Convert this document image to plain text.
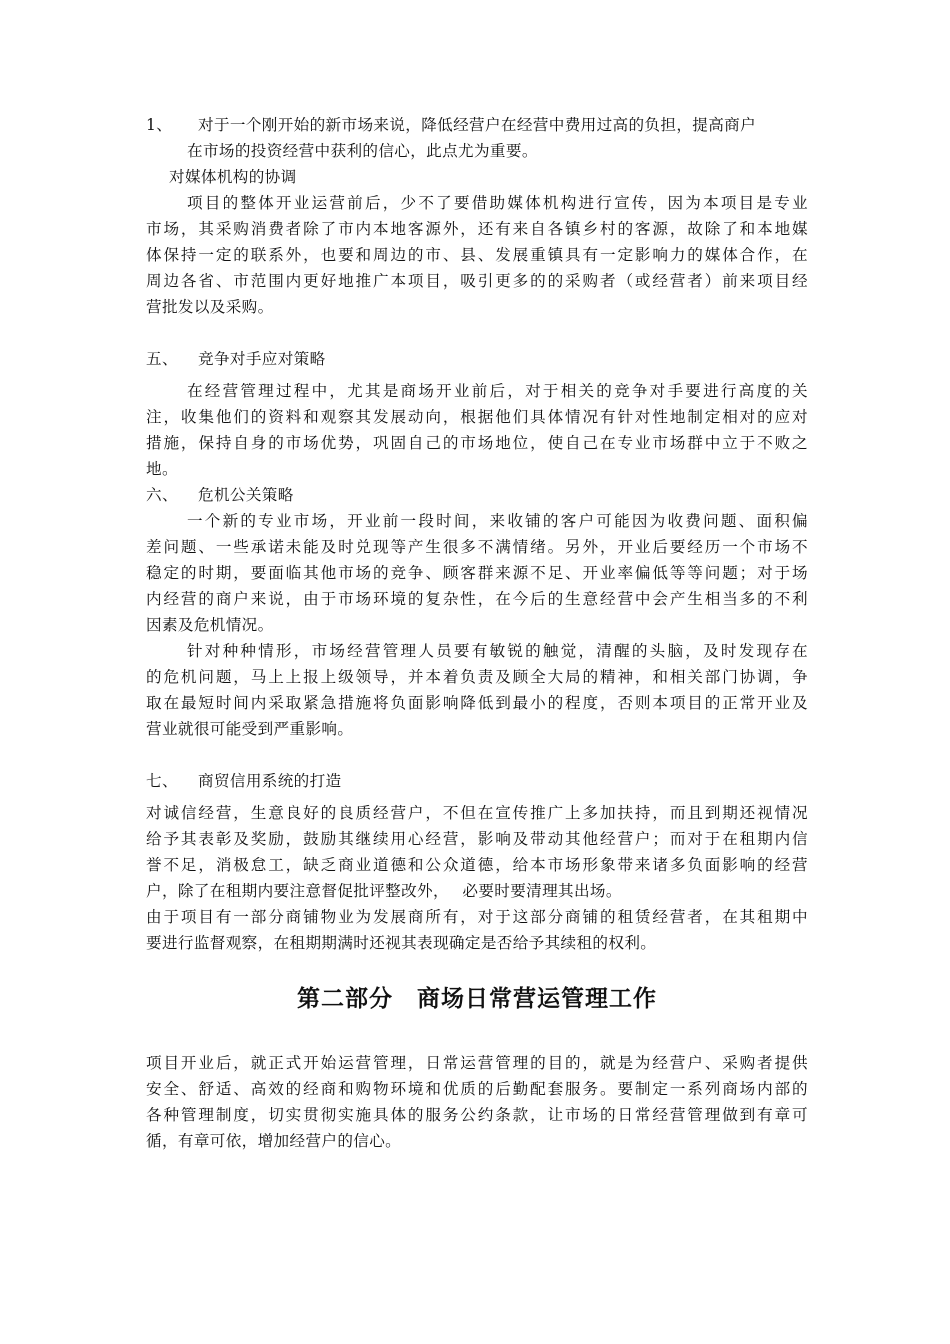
1、 对于一个刚开始的新市场来说，降低经营户在经营中费用过高的负担，提高商户
在市场的投资经营中获利的信心，此点尤为重要。
对媒体机构的协调
项目的整体开业运营前后，少不了要借助媒体机构进行宣传，因为本项目是专业
市场，其采购消费者除了市内本地客源外，还有来自各镇乡村的客源，故除了和本地媒
体保持一定的联系外，也要和周边的市、县、发展重镇具有一定影响力的媒体合作，在
周边各省、市范围内更好地推广本项目，吸引更多的的采购者（或经营者）前来项目经
营批发以及采购。
五、 竞争对手应对策略
在经营管理过程中，尤其是商场开业前后，对于相关的竞争对手要进行高度的关
注，收集他们的资料和观察其发展动向，根据他们具体情况有针对性地制定相对的应对
措施，保持自身的市场优势，巩固自己的市场地位，使自己在专业市场群中立于不败之
地。
六、 危机公关策略
一个新的专业市场，开业前一段时间，来收铺的客户可能因为收费问题、面积偏
差问题、一些承诺未能及时兑现等产生很多不满情绪。另外，开业后要经历一个市场不
稳定的时期，要面临其他市场的竞争、顾客群来源不足、开业率偏低等等问题；对于场
内经营的商户来说，由于市场环境的复杂性，在今后的生意经营中会产生相当多的不利
因素及危机情况。
针对种种情形，市场经营管理人员要有敏锐的触觉，清醒的头脑，及时发现存在
的危机问题，马上上报上级领导，并本着负责及顾全大局的精神，和相关部门协调，争
取在最短时间内采取紧急措施将负面影响降低到最小的程度，否则本项目的正常开业及
营业就很可能受到严重影响。
七、 商贸信用系统的打造
对诚信经营，生意良好的良质经营户，不但在宣传推广上多加扶持，而且到期还视情况
给予其表彰及奖励，鼓励其继续用心经营，影响及带动其他经营户；而对于在租期内信
誉不足，消极怠工，缺乏商业道德和公众道德，给本市场形象带来诸多负面影响的经营
户，除了在租期内要注意督促批评整改外，　 必要时要清理其出场。
由于项目有一部分商铺物业为发展商所有，对于这部分商铺的租赁经营者，在其租期中
要进行监督观察，在租期期满时还视其表现确定是否给予其续租的权利。
第二部分　商场日常营运管理工作
项目开业后，就正式开始运营管理，日常运营管理的目的，就是为经营户、采购者提供
安全、舒适、高效的经商和购物环境和优质的后勤配套服务。要制定一系列商场内部的
各种管理制度，切实贯彻实施具体的服务公约条款，让市场的日常经营管理做到有章可
循，有章可依，增加经营户的信心。
